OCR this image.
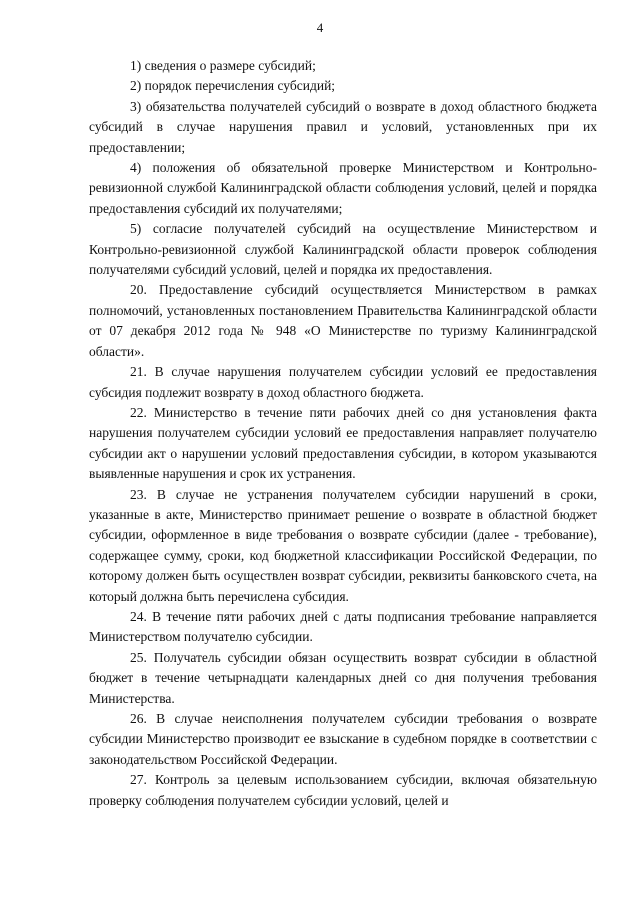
4

1) сведения о размере субсидий;

2) порядок перечисления субсидий;

3) обязательства получателей субсидий о возврате в доход областного бюджета субсидий в случае нарушения правил и условий, установленных при их предоставлении;

4) положения об обязательной проверке Министерством и Контрольно-ревизионной службой Калининградской области соблюдения условий, целей и порядка предоставления субсидий их получателями;

5) согласие получателей субсидий на осуществление Министерством и Контрольно-ревизионной службой Калининградской области проверок соблюдения получателями субсидий условий, целей и порядка их предоставления.

20. Предоставление субсидий осуществляется Министерством в рамках полномочий, установленных постановлением Правительства Калининградской области от 07 декабря 2012 года № 948 «О Министерстве по туризму Калининградской области».

21. В случае нарушения получателем субсидии условий ее предоставления субсидия подлежит возврату в доход областного бюджета.

22. Министерство в течение пяти рабочих дней со дня установления факта нарушения получателем субсидии условий ее предоставления направляет получателю субсидии акт о нарушении условий предоставления субсидии, в котором указываются выявленные нарушения и срок их устранения.

23. В случае не устранения получателем субсидии нарушений в сроки, указанные в акте, Министерство принимает решение о возврате в областной бюджет субсидии, оформленное в виде требования о возврате субсидии (далее - требование), содержащее сумму, сроки, код бюджетной классификации Российской Федерации, по которому должен быть осуществлен возврат субсидии, реквизиты банковского счета, на который должна быть перечислена субсидия.

24. В течение пяти рабочих дней с даты подписания требование направляется Министерством получателю субсидии.

25. Получатель субсидии обязан осуществить возврат субсидии в областной бюджет в течение четырнадцати календарных дней со дня получения требования Министерства.

26. В случае неисполнения получателем субсидии требования о возврате субсидии Министерство производит ее взыскание в судебном порядке в соответствии с законодательством Российской Федерации.

27. Контроль за целевым использованием субсидии, включая обязательную проверку соблюдения получателем субсидии условий, целей и
